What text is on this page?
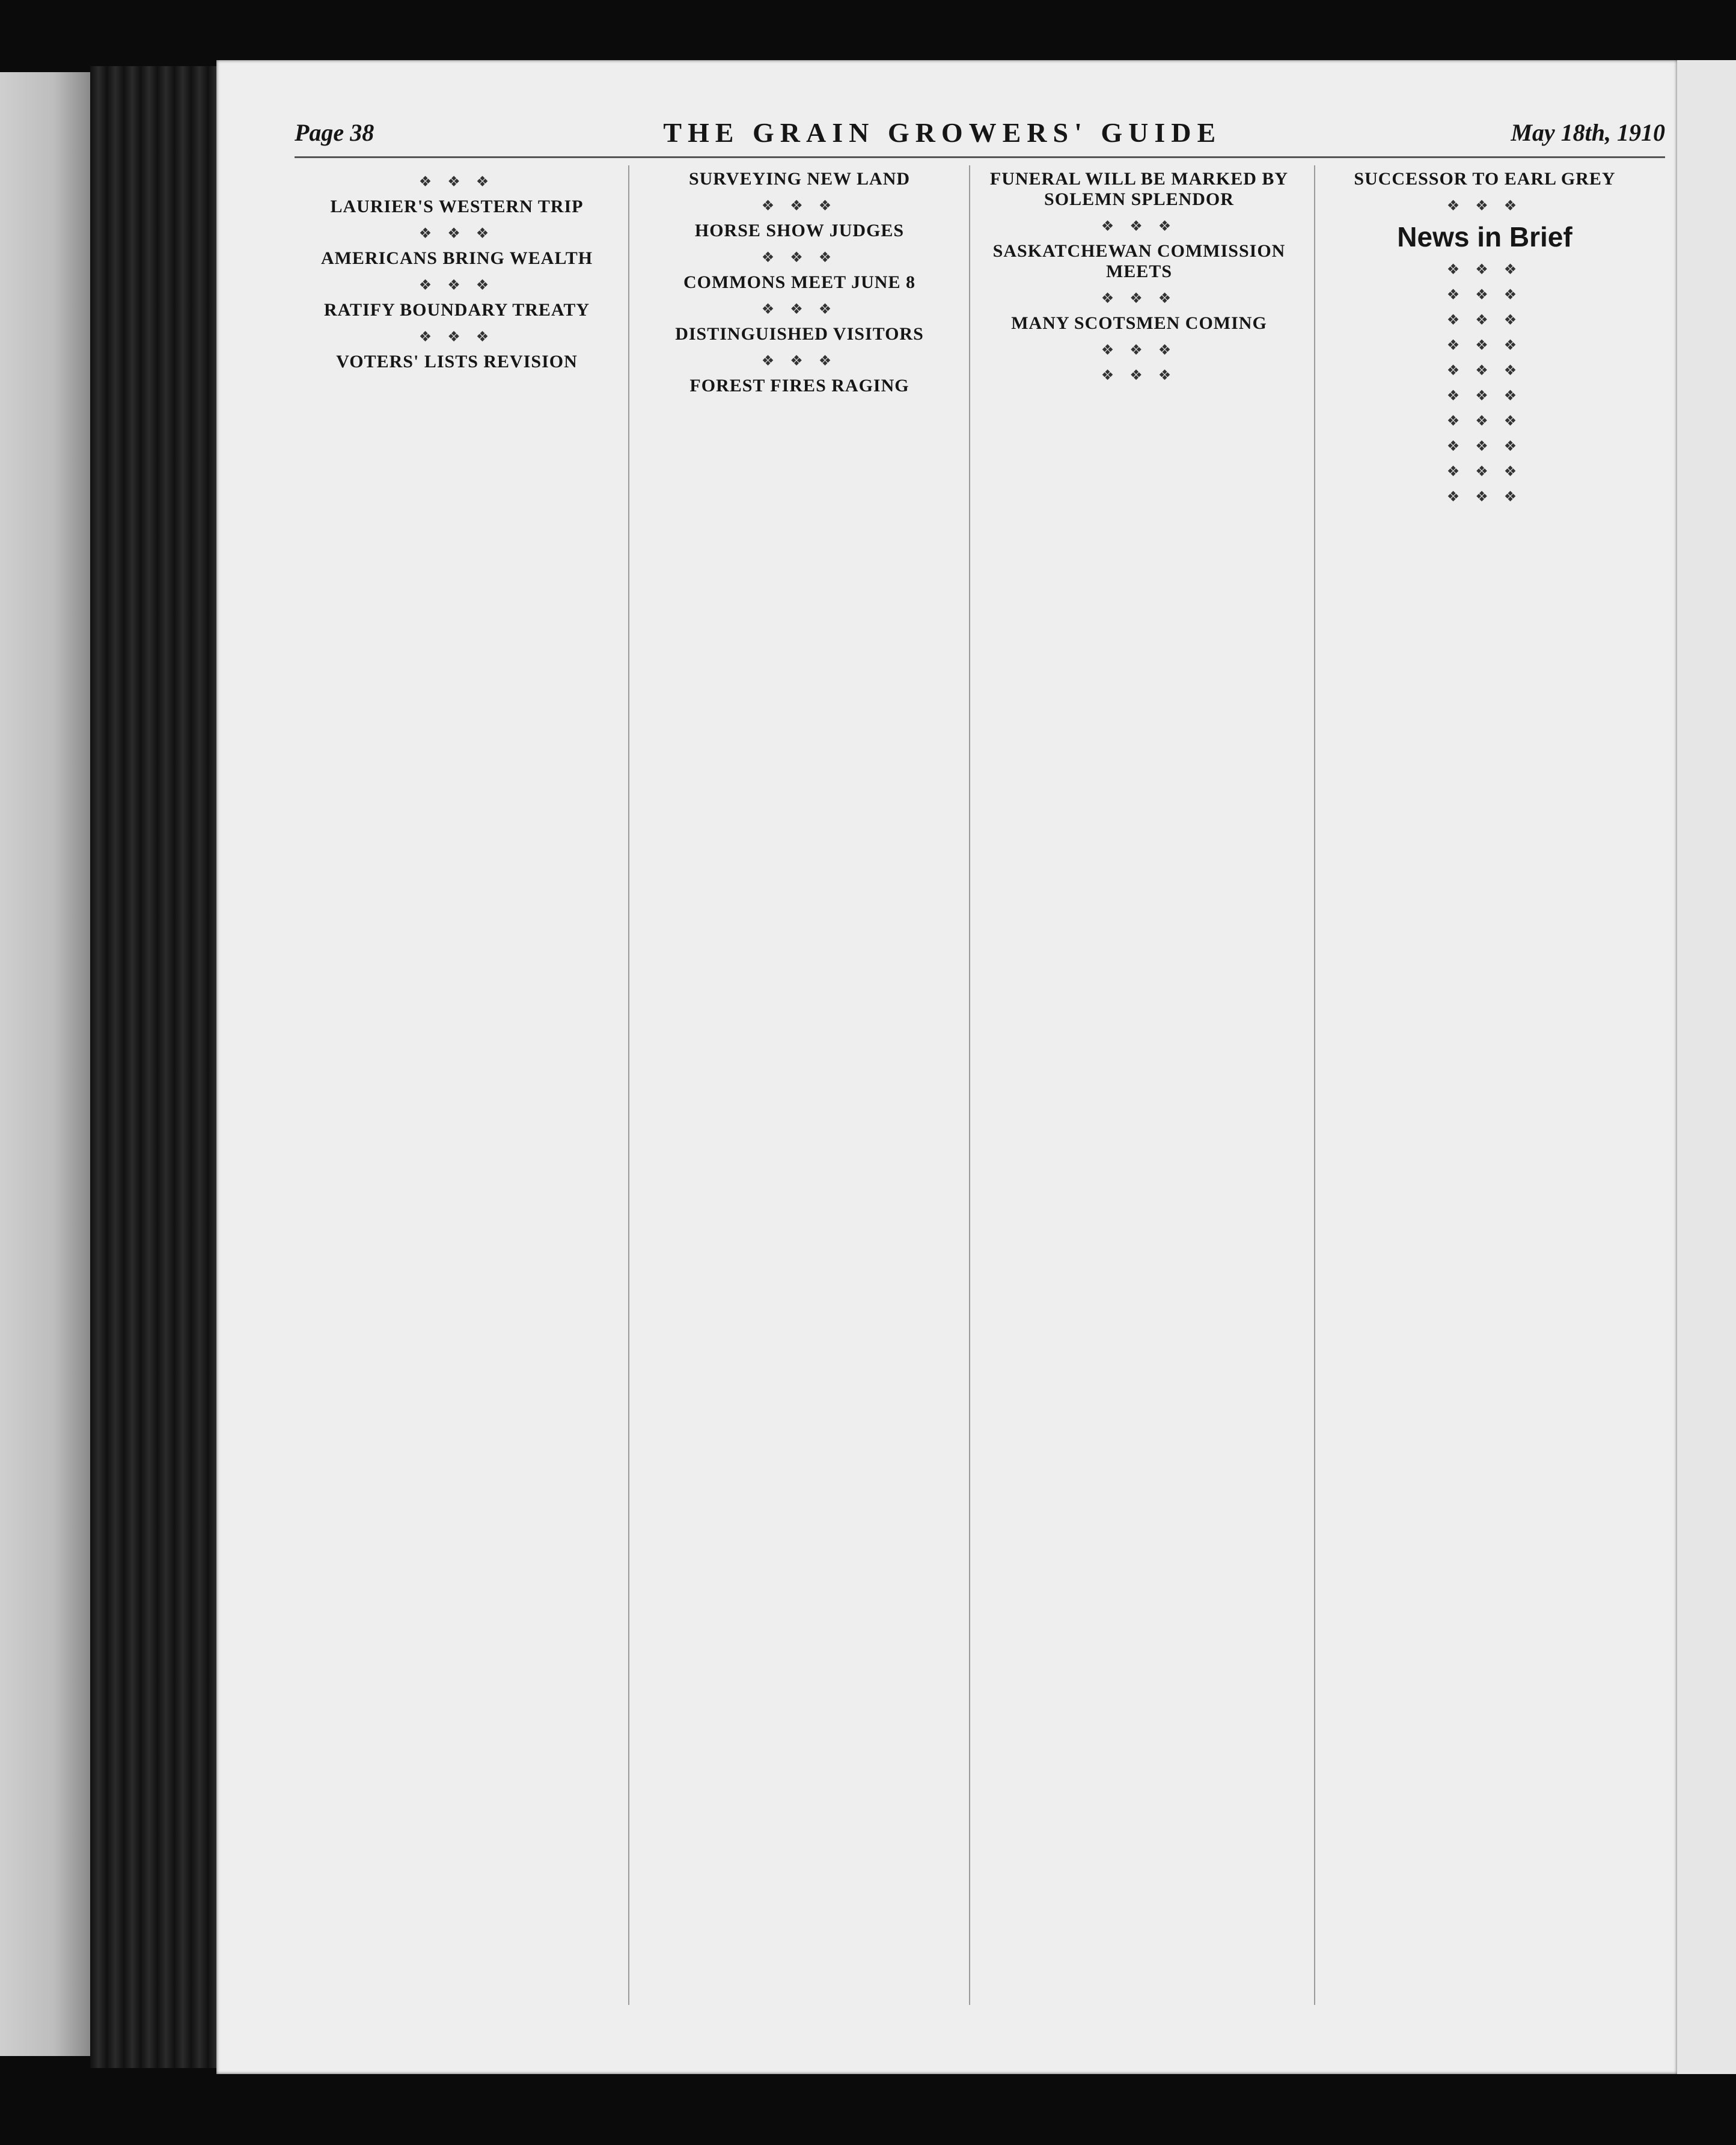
Page 38	THE GRAIN GROWERS' GUIDE	May 18th, 1910

❖ ❖ ❖
LAURIER'S WESTERN TRIP

❖ ❖ ❖
AMERICANS BRING WEALTH

❖ ❖ ❖
RATIFY BOUNDARY TREATY

❖ ❖ ❖
VOTERS' LISTS REVISION

SURVEYING NEW LAND

❖ ❖ ❖
HORSE SHOW JUDGES

❖ ❖ ❖
COMMONS MEET JUNE 8

❖ ❖ ❖
DISTINGUISHED VISITORS

❖ ❖ ❖
FOREST FIRES RAGING

FUNERAL WILL BE MARKED BY SOLEMN SPLENDOR

❖ ❖ ❖
SASKATCHEWAN COMMISSION MEETS

❖ ❖ ❖
MANY SCOTSMEN COMING

❖ ❖ ❖

❖ ❖ ❖

SUCCESSOR TO EARL GREY

❖ ❖ ❖
News in Brief

❖ ❖ ❖

❖ ❖ ❖

❖ ❖ ❖

❖ ❖ ❖

❖ ❖ ❖

❖ ❖ ❖

❖ ❖ ❖

❖ ❖ ❖

❖ ❖ ❖

❖ ❖ ❖
